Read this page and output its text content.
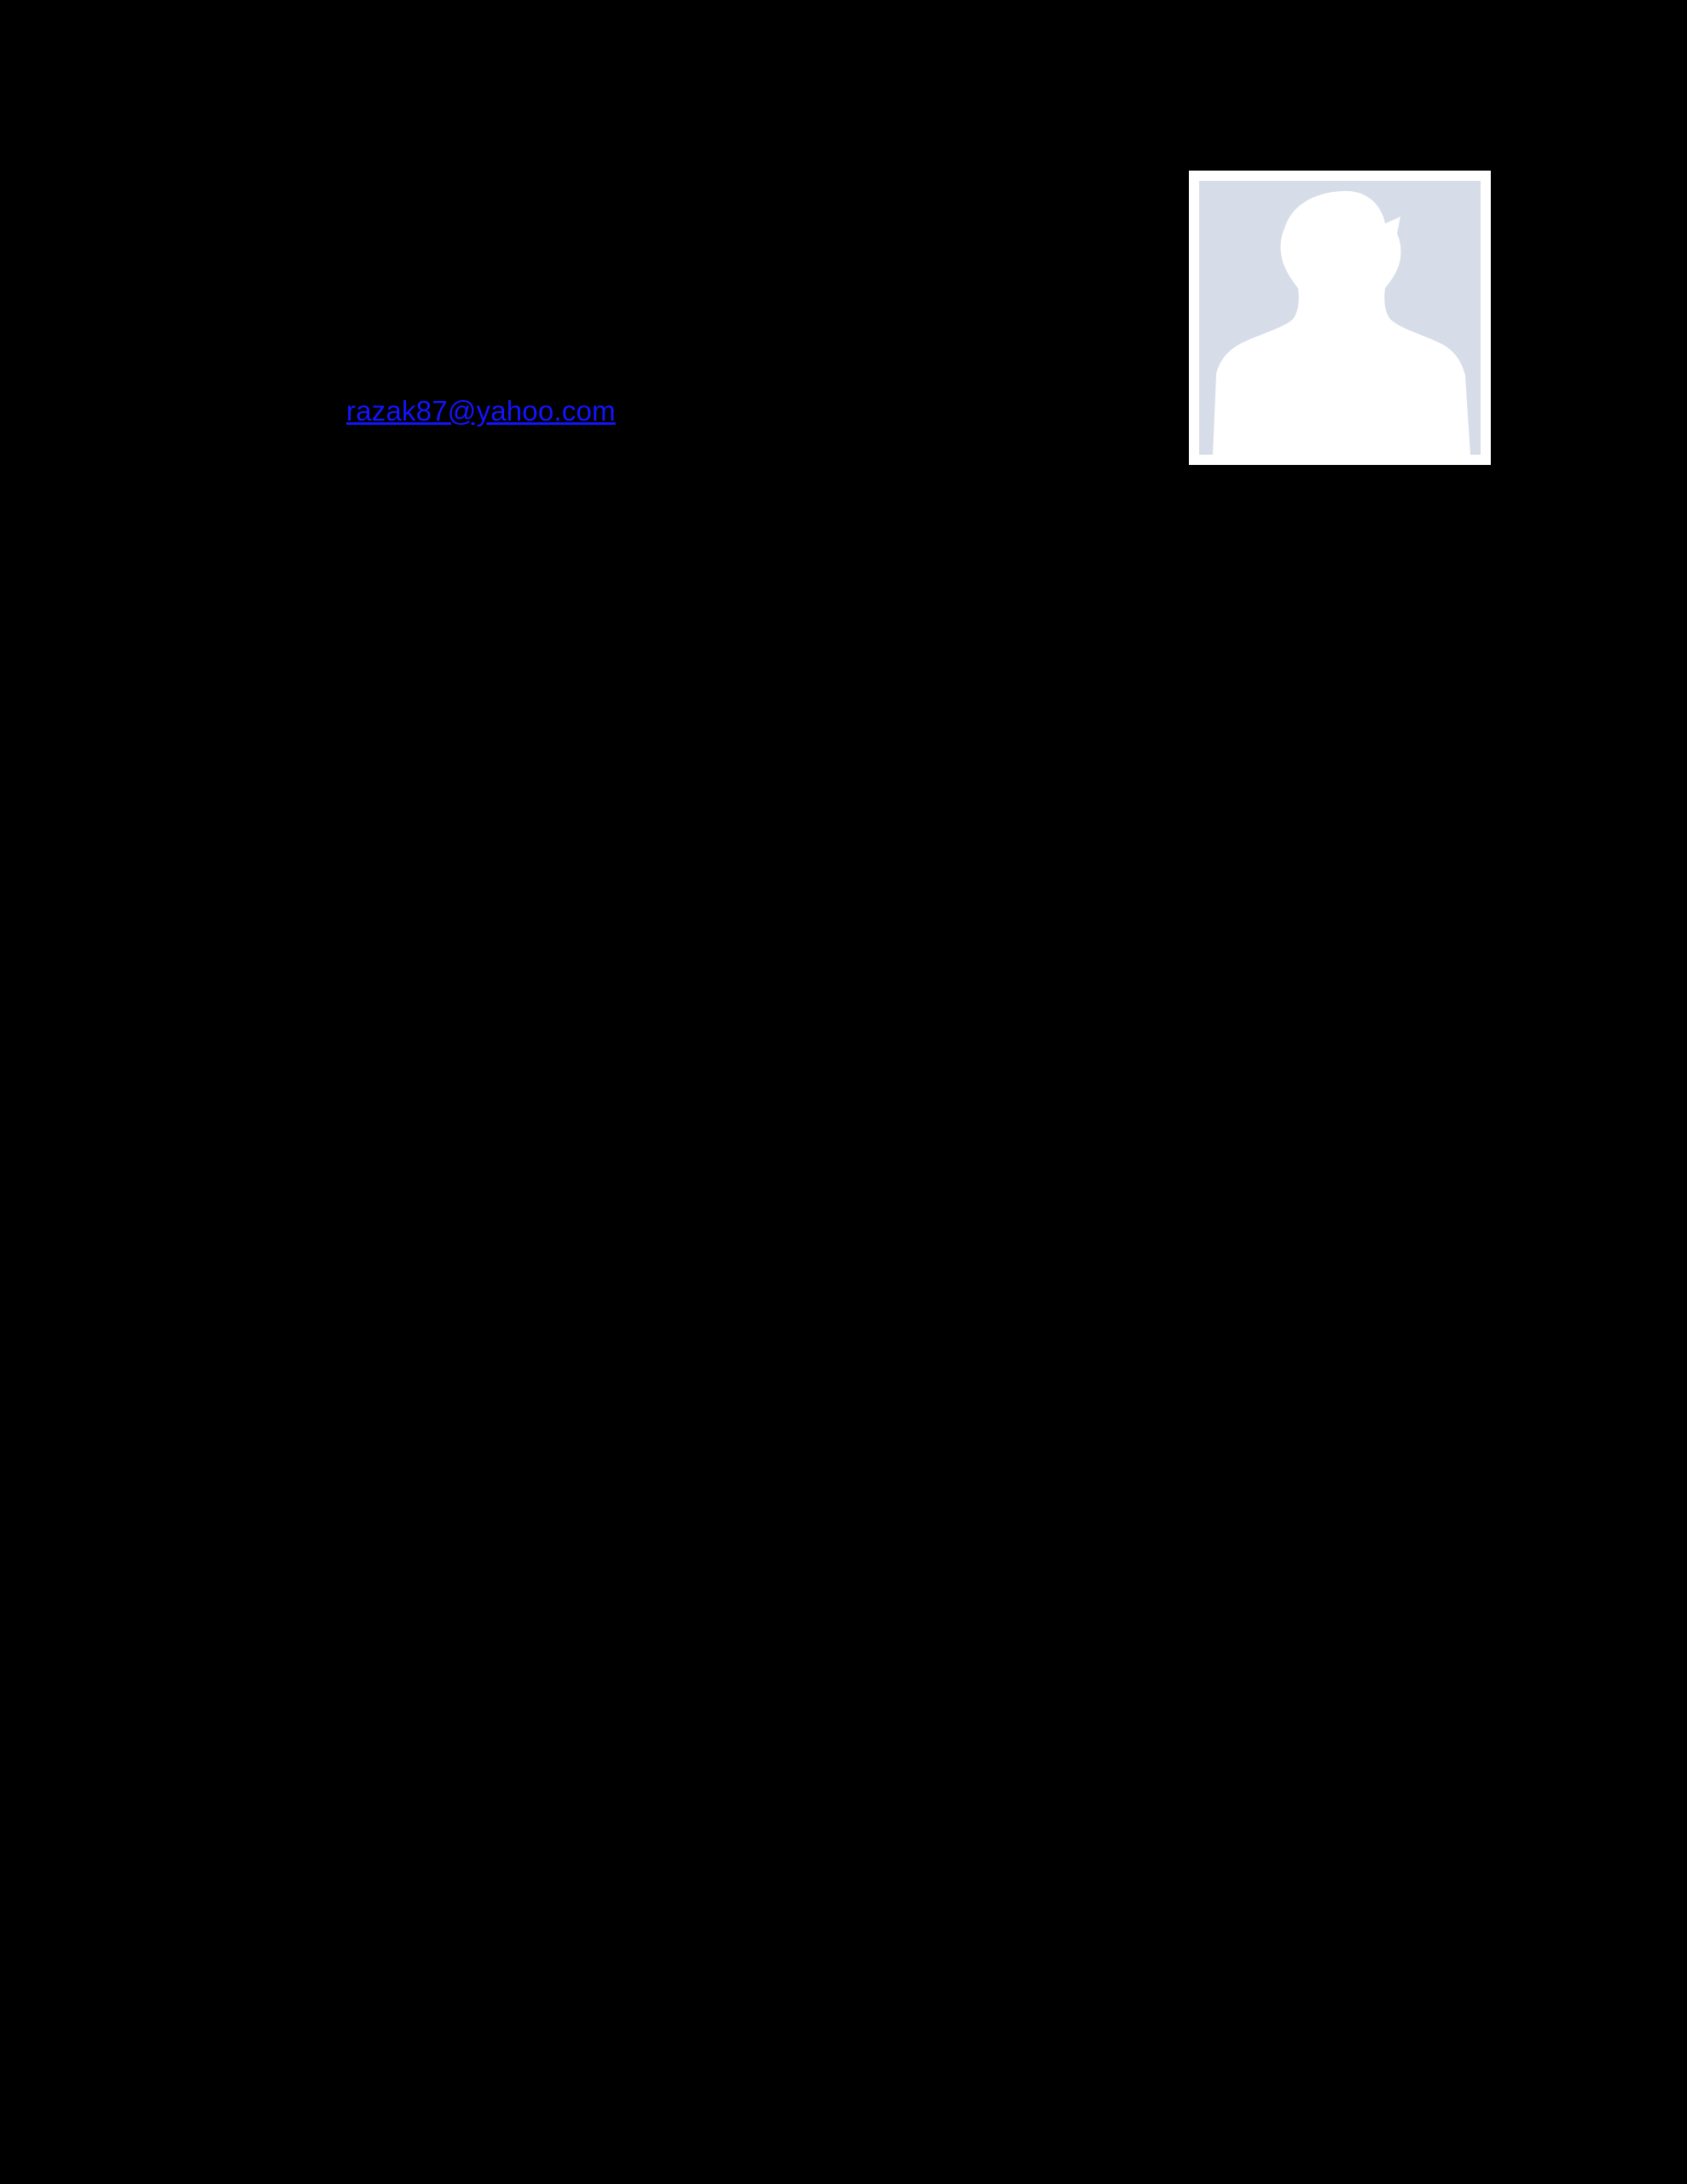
razak87@yahoo.com
